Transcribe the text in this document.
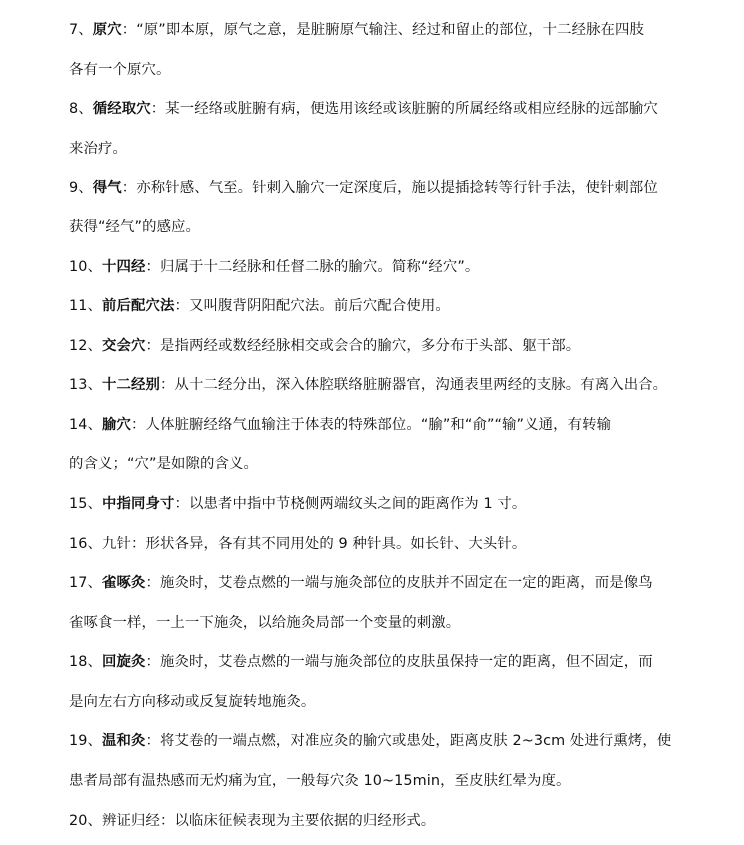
7、原穴：“原”即本原，原气之意，是脏腑原气输注、经过和留止的部位，十二经脉在四肢
各有一个原穴。
8、循经取穴：某一经络或脏腑有病，便选用该经或该脏腑的所属经络或相应经脉的远部腧穴
来治疗。
9、得气：亦称针感、气至。针刺入腧穴一定深度后，施以提插捻转等行针手法，使针刺部位
获得“经气”的感应。
10、十四经：归属于十二经脉和任督二脉的腧穴。简称“经穴”。
11、前后配穴法：又叫腹背阴阳配穴法。前后穴配合使用。
12、交会穴：是指两经或数经经脉相交或会合的腧穴，多分布于头部、躯干部。
13、十二经别：从十二经分出，深入体腔联络脏腑器官，沟通表里两经的支脉。有离入出合。
14、腧穴：人体脏腑经络气血输注于体表的特殊部位。“腧”和“俞”“输”义通，有转输
的含义；“穴”是如隙的含义。
15、中指同身寸：以患者中指中节桡侧两端纹头之间的距离作为 1 寸。
16、九针：形状各异，各有其不同用处的 9 种针具。如长针、大头针。
17、雀啄灸：施灸时，艾卷点燃的一端与施灸部位的皮肤并不固定在一定的距离，而是像鸟
雀啄食一样，一上一下施灸，以给施灸局部一个变量的刺激。
18、回旋灸：施灸时，艾卷点燃的一端与施灸部位的皮肤虽保持一定的距离，但不固定，而
是向左右方向移动或反复旋转地施灸。
19、温和灸：将艾卷的一端点燃，对准应灸的腧穴或患处，距离皮肤 2~3cm 处进行熏烤，使
患者局部有温热感而无灼痛为宜，一般每穴灸 10~15min，至皮肤红晕为度。
20、辨证归经：以临床征候表现为主要依据的归经形式。
